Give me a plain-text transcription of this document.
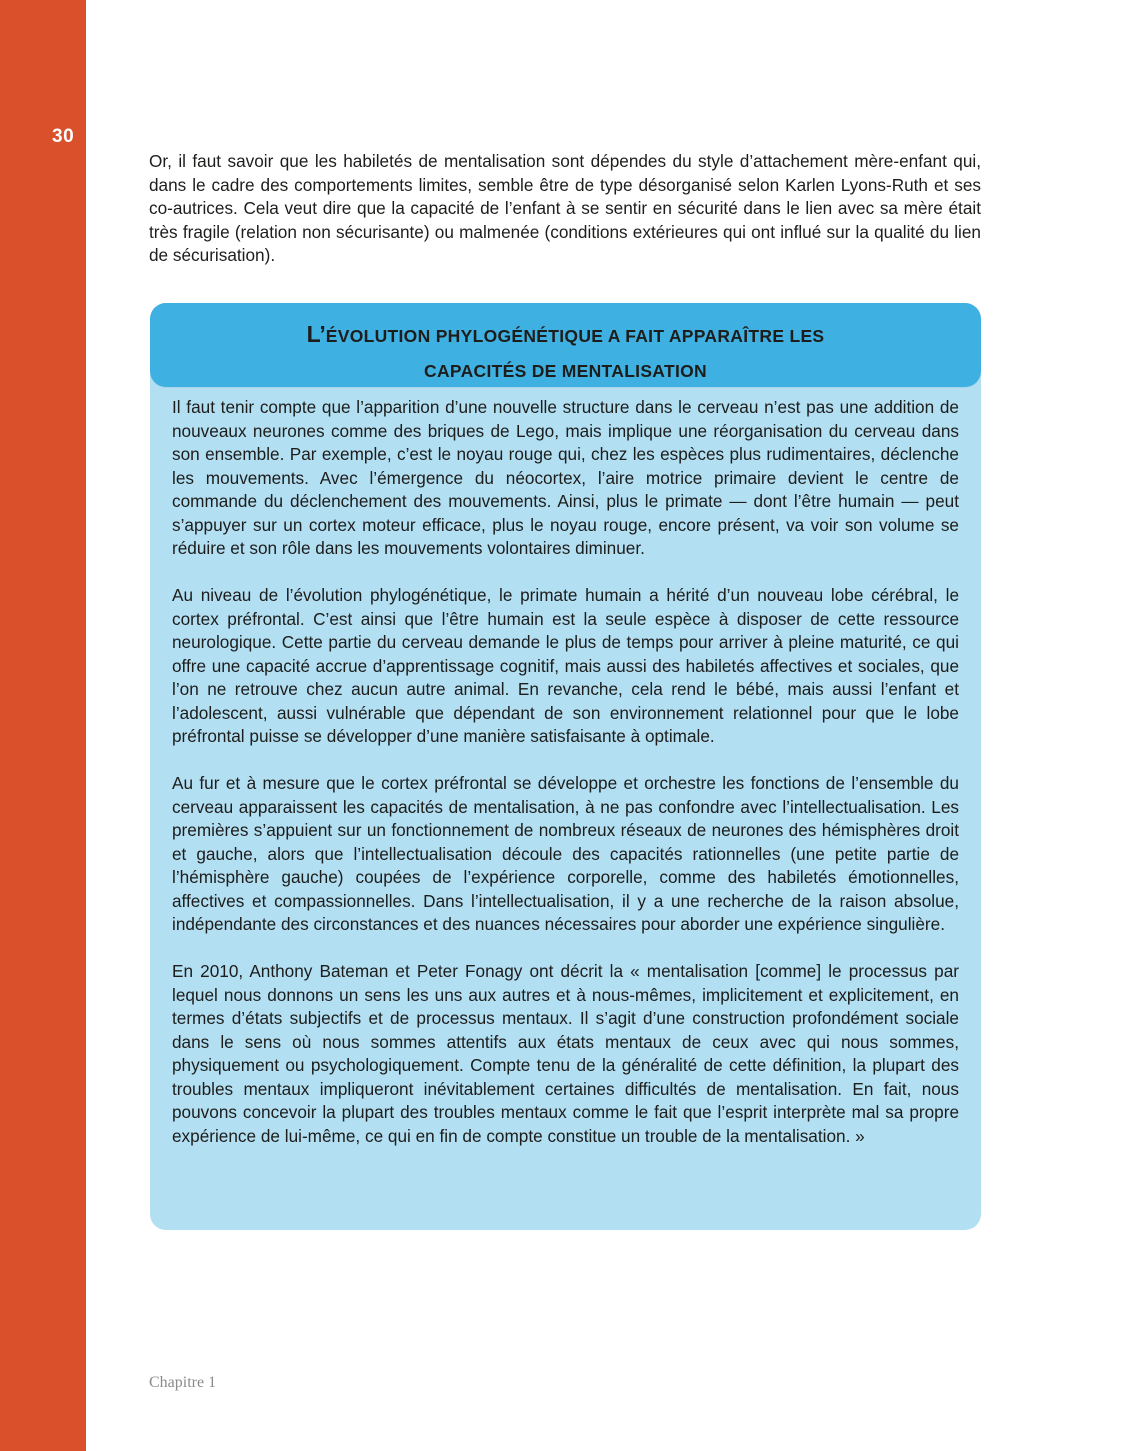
30

Or, il faut savoir que les habiletés de mentalisation sont dépendes du style d’attachement mère-enfant qui, dans le cadre des comportements limites, semble être de type désorganisé selon Karlen Lyons-Ruth et ses co-autrices. Cela veut dire que la capacité de l’enfant à se sentir en sécurité dans le lien avec sa mère était très fragile (relation non sécurisante) ou malmenée (conditions extérieures qui ont influé sur la qualité du lien de sécurisation).

L’ÉVOLUTION PHYLOGÉNÉTIQUE A FAIT APPARAÎTRE LES
CAPACITÉS DE MENTALISATION

Il faut tenir compte que l’apparition d’une nouvelle structure dans le cerveau n’est pas une addition de nouveaux neurones comme des briques de Lego, mais implique une réorganisation du cerveau dans son ensemble. Par exemple, c’est le noyau rouge qui, chez les espèces plus rudimentaires, déclenche les mouvements. Avec l’émergence du néocortex, l’aire motrice primaire devient le centre de commande du déclenchement des mouvements. Ainsi, plus le primate — dont l’être humain — peut s’appuyer sur un cortex moteur efficace, plus le noyau rouge, encore présent, va voir son volume se réduire et son rôle dans les mouvements volontaires diminuer.

Au niveau de l’évolution phylogénétique, le primate humain a hérité d’un nouveau lobe cérébral, le cortex préfrontal. C’est ainsi que l’être humain est la seule espèce à disposer de cette ressource neurologique. Cette partie du cerveau demande le plus de temps pour arriver à pleine maturité, ce qui offre une capacité accrue d’apprentissage cognitif, mais aussi des habiletés affectives et sociales, que l’on ne retrouve chez aucun autre animal. En revanche, cela rend le bébé, mais aussi l’enfant et l’adolescent, aussi vulnérable que dépendant de son environnement relationnel pour que le lobe préfrontal puisse se développer d’une manière satisfaisante à optimale.

Au fur et à mesure que le cortex préfrontal se développe et orchestre les fonctions de l’ensemble du cerveau apparaissent les capacités de mentalisation, à ne pas confondre avec l’intellectualisation. Les premières s’appuient sur un fonctionnement de nombreux réseaux de neurones des hémisphères droit et gauche, alors que l’intellectualisation découle des capacités rationnelles (une petite partie de l’hémisphère gauche) coupées de l’expérience corporelle, comme des habiletés émotionnelles, affectives et compassionnelles. Dans l’intellectualisation, il y a une recherche de la raison absolue, indépendante des circonstances et des nuances nécessaires pour aborder une expérience singulière.

En 2010, Anthony Bateman et Peter Fonagy ont décrit la « mentalisation [comme] le processus par lequel nous donnons un sens les uns aux autres et à nous-mêmes, implicitement et explicitement, en termes d’états subjectifs et de processus mentaux. Il s’agit d’une construction profondément sociale dans le sens où nous sommes attentifs aux états mentaux de ceux avec qui nous sommes, physiquement ou psychologiquement. Compte tenu de la généralité de cette définition, la plupart des troubles mentaux impliqueront inévitablement certaines difficultés de mentalisation. En fait, nous pouvons concevoir la plupart des troubles mentaux comme le fait que l’esprit interprète mal sa propre expérience de lui-même, ce qui en fin de compte constitue un trouble de la mentalisation. »

Chapitre 1
